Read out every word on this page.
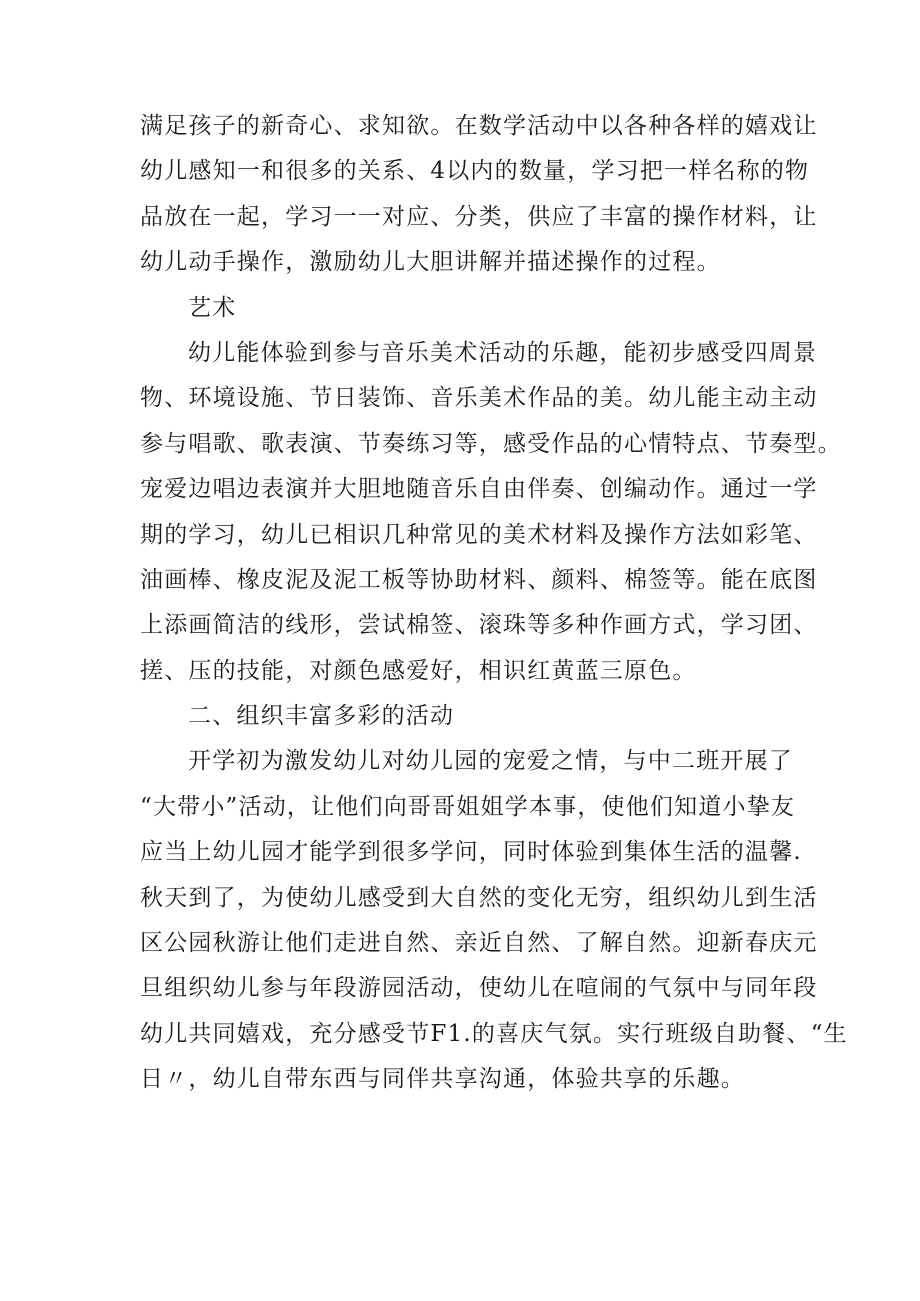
满足孩子的新奇心、求知欲。在数学活动中以各种各样的嬉戏让
幼儿感知一和很多的关系、4以内的数量，学习把一样名称的物
品放在一起，学习一一对应、分类，供应了丰富的操作材料，让
幼儿动手操作，激励幼儿大胆讲解并描述操作的过程。
艺术
幼儿能体验到参与音乐美术活动的乐趣，能初步感受四周景
物、环境设施、节日装饰、音乐美术作品的美。幼儿能主动主动
参与唱歌、歌表演、节奏练习等，感受作品的心情特点、节奏型。
宠爱边唱边表演并大胆地随音乐自由伴奏、创编动作。通过一学
期的学习，幼儿已相识几种常见的美术材料及操作方法如彩笔、
油画棒、橡皮泥及泥工板等协助材料、颜料、棉签等。能在底图
上添画简洁的线形，尝试棉签、滚珠等多种作画方式，学习团、
搓、压的技能，对颜色感爱好，相识红黄蓝三原色。
二、组织丰富多彩的活动
开学初为激发幼儿对幼儿园的宠爱之情，与中二班开展了
“大带小”活动，让他们向哥哥姐姐学本事，使他们知道小挚友
应当上幼儿园才能学到很多学问，同时体验到集体生活的温馨.
秋天到了，为使幼儿感受到大自然的变化无穷，组织幼儿到生活
区公园秋游让他们走进自然、亲近自然、了解自然。迎新春庆元
旦组织幼儿参与年段游园活动，使幼儿在喧闹的气氛中与同年段
幼儿共同嬉戏，充分感受节F1.的喜庆气氛。实行班级自助餐、“生
日〃，幼儿自带东西与同伴共享沟通，体验共享的乐趣。
